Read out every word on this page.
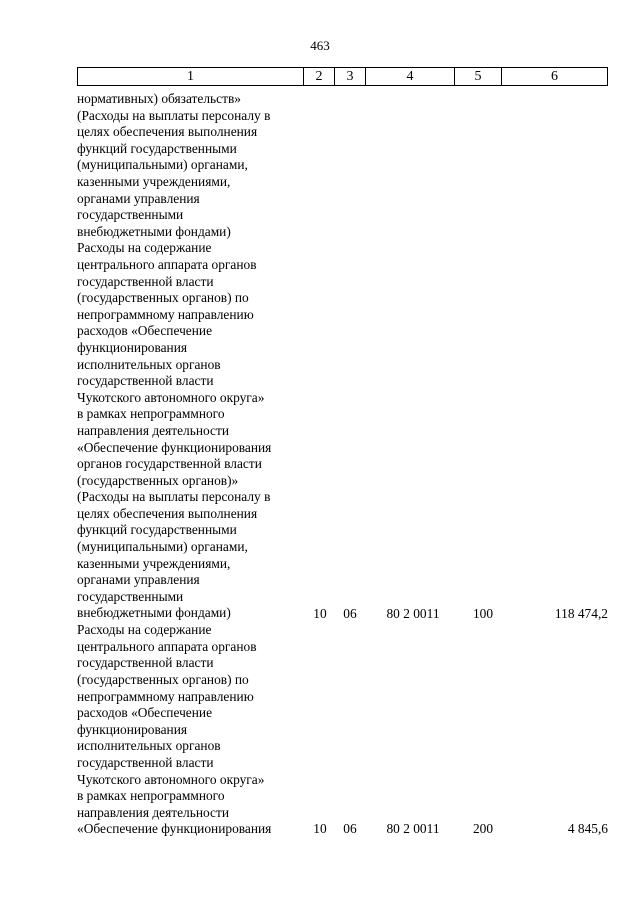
463
1	2	3	4	5	6
нормативных) обязательств»
(Расходы на выплаты персоналу в
целях обеспечения выполнения
функций государственными
(муниципальными) органами,
казенными учреждениями,
органами управления
государственными
внебюджетными фондами)
Расходы на содержание
центрального аппарата органов
государственной власти
(государственных органов) по
непрограммному направлению
расходов «Обеспечение
функционирования
исполнительных органов
государственной власти
Чукотского автономного округа»
в рамках непрограммного
направления деятельности
«Обеспечение функционирования
органов государственной власти
(государственных органов)»
(Расходы на выплаты персоналу в
целях обеспечения выполнения
функций государственными
(муниципальными) органами,
казенными учреждениями,
органами управления
государственными
внебюджетными фондами)	10	06	80 2 0011	100	118 474,2
Расходы на содержание
центрального аппарата органов
государственной власти
(государственных органов) по
непрограммному направлению
расходов «Обеспечение
функционирования
исполнительных органов
государственной власти
Чукотского автономного округа»
в рамках непрограммного
направления деятельности
«Обеспечение функционирования	10	06	80 2 0011	200	4 845,6
